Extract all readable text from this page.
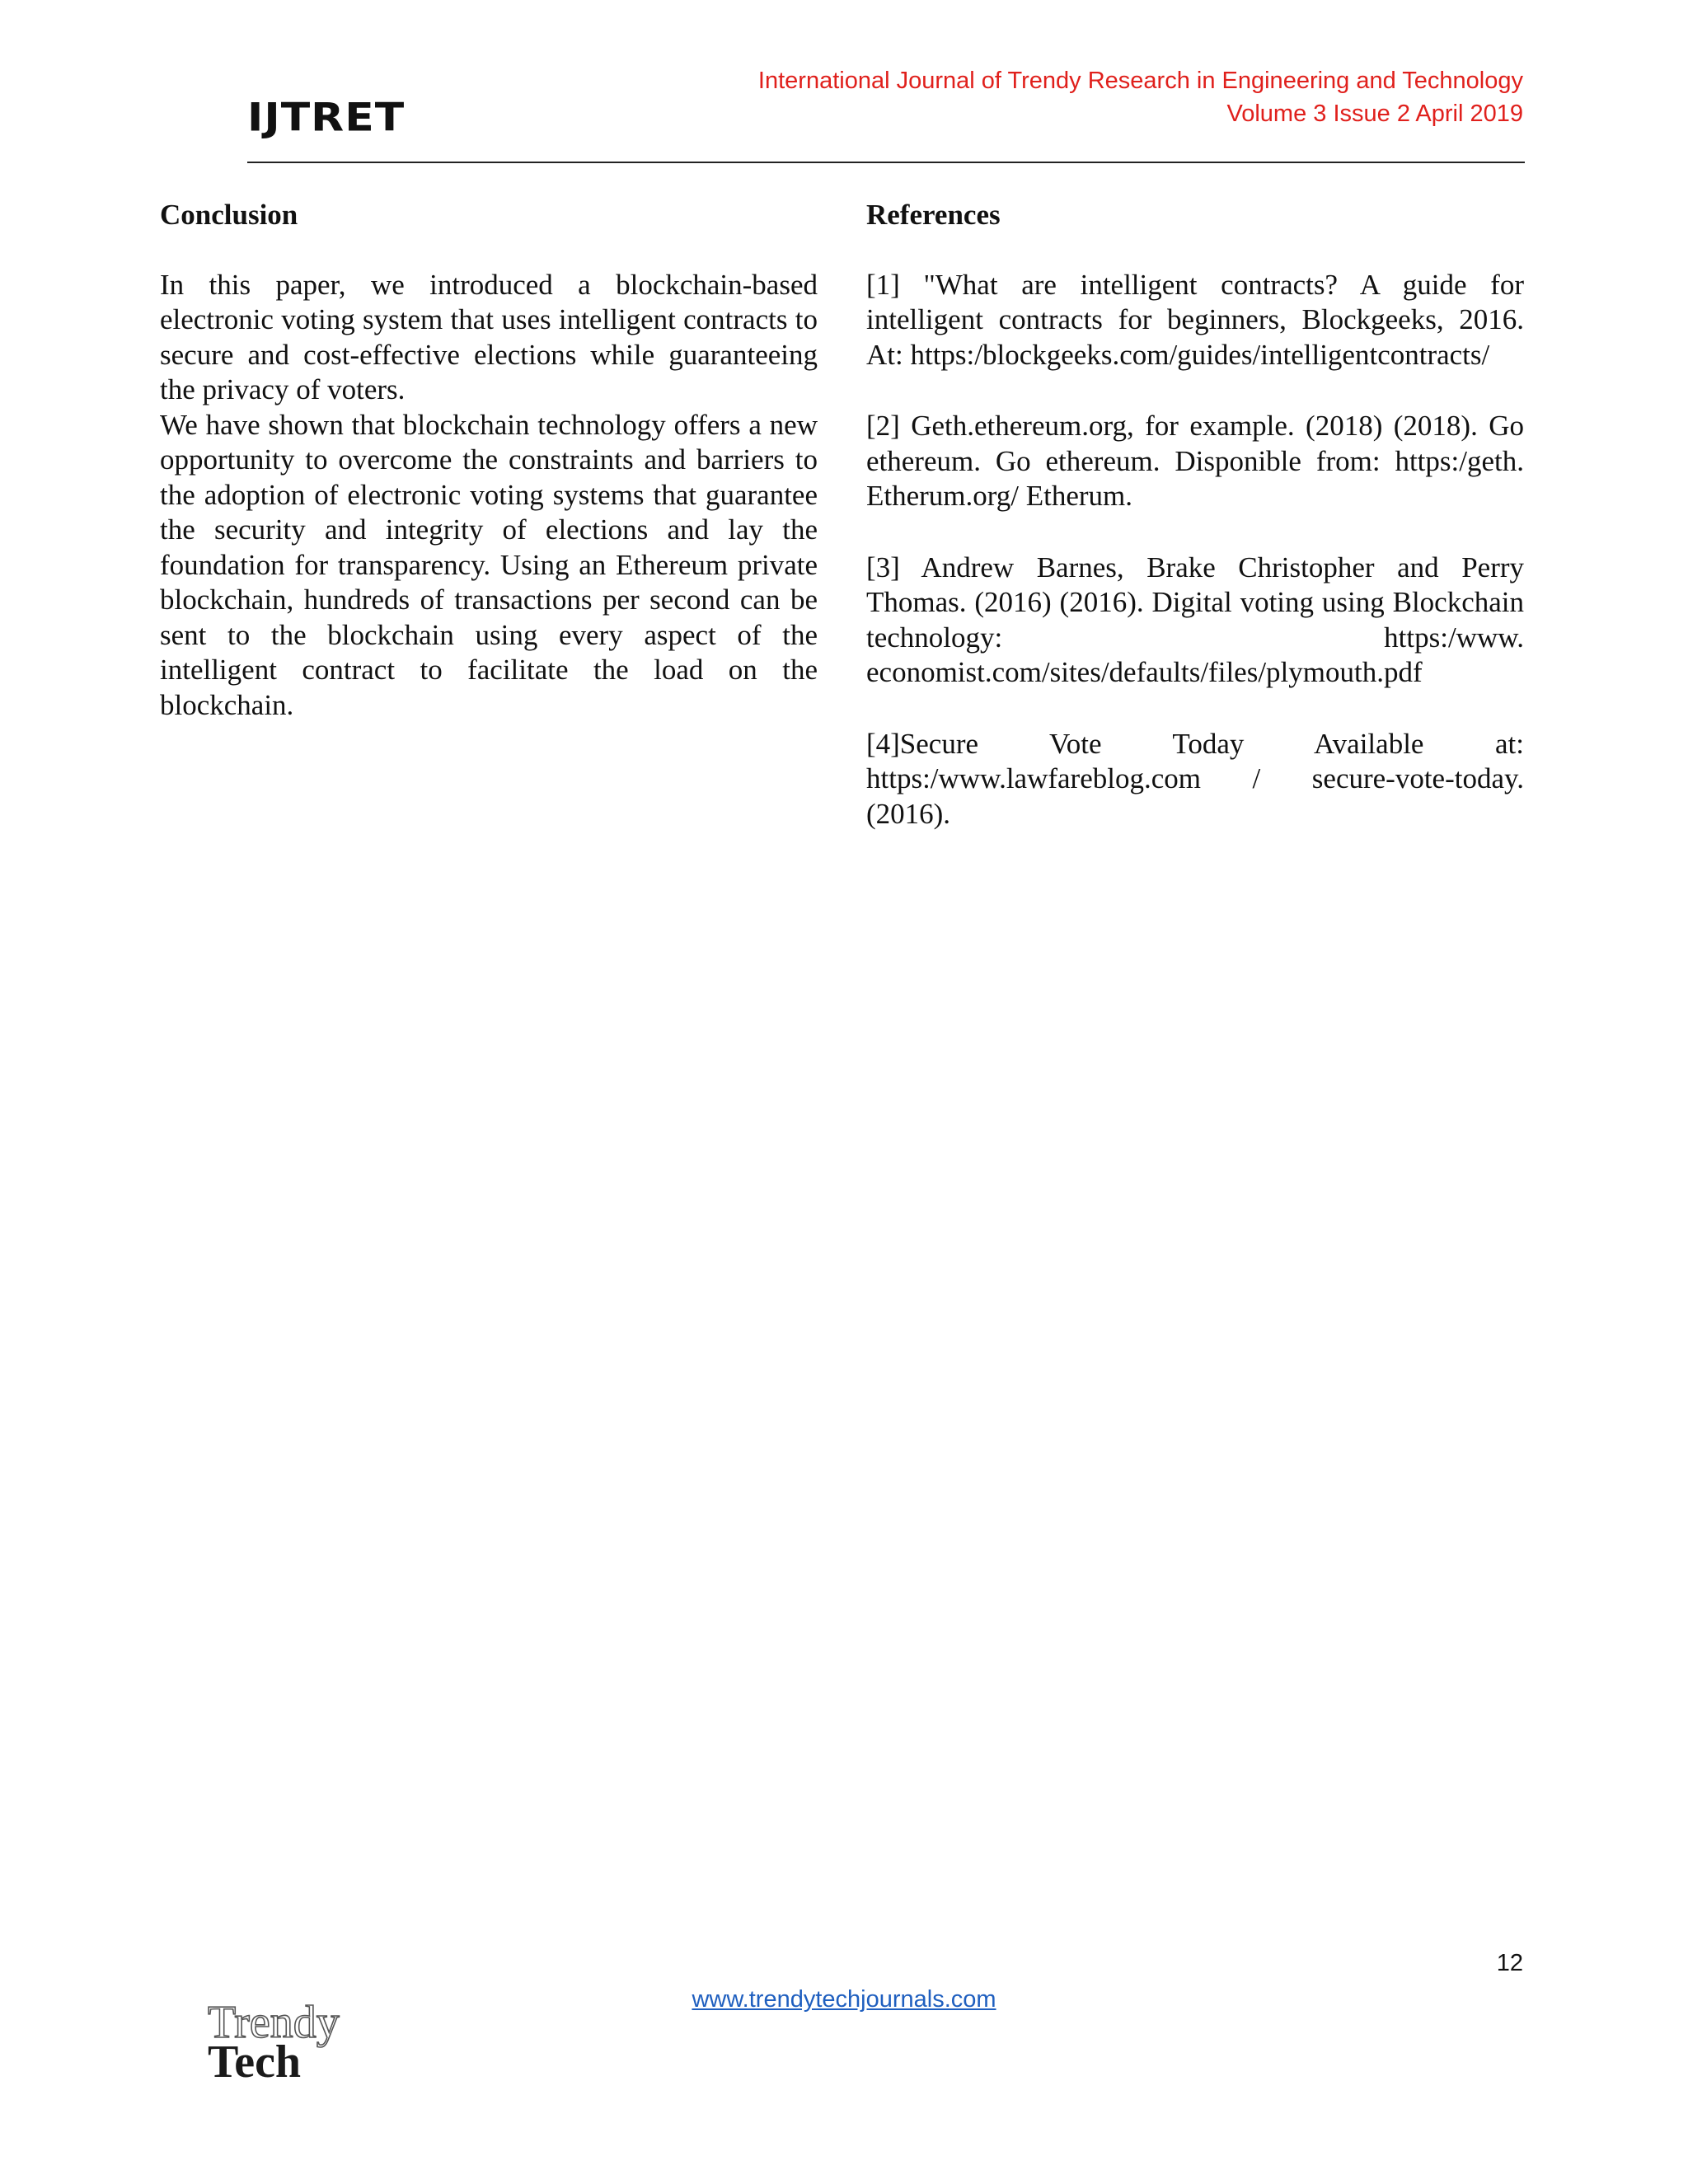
IJTRET
International Journal of Trendy Research in Engineering and Technology
Volume 3 Issue 2 April 2019
Conclusion

In this paper, we introduced a blockchain-based electronic voting system that uses intelligent contracts to secure and cost-effective elections while guaranteeing the privacy of voters.

We have shown that blockchain technology offers a new opportunity to overcome the constraints and barriers to the adoption of electronic voting systems that guarantee the security and integrity of elections and lay the foundation for transparency. Using an Ethereum private blockchain, hundreds of transactions per second can be sent to the blockchain using every aspect of the intelligent contract to facilitate the load on the blockchain.

References

[1] "What are intelligent contracts? A guide for intelligent contracts for beginners, Blockgeeks, 2016. At: https:/blockgeeks.com/guides/intelligentcontracts/

[2] Geth.ethereum.org, for example. (2018) (2018). Go ethereum. Go ethereum. Disponible from: https:/geth. Etherum.org/ Etherum.

[3] Andrew Barnes, Brake Christopher and Perry Thomas. (2016) (2016). Digital voting using Blockchain technology: https:/www. economist.com/sites/defaults/files/plymouth.pdf

[4]Secure Vote Today Available at: https:/www.lawfareblog.com / secure-vote-today. (2016).

12
www.trendytechjournals.com
Trendy
Tech
